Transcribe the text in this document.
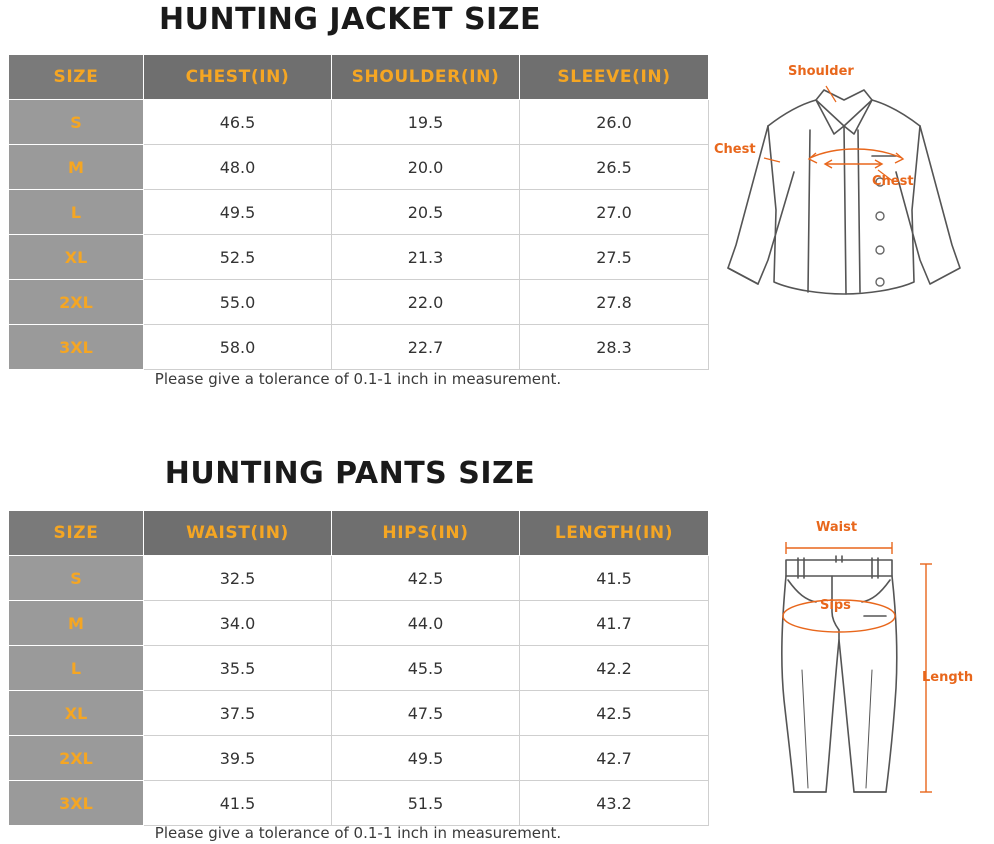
HUNTING JACKET SIZE
SIZE	CHEST(IN)	SHOULDER(IN)	SLEEVE(IN)
S	46.5	19.5	26.0
M	48.0	20.0	26.5
L	49.5	20.5	27.0
XL	52.5	21.3	27.5
2XL	55.0	22.0	27.8
3XL	58.0	22.7	28.3
Please give a tolerance of 0.1-1 inch in measurement.
Shoulder
Chest
Chest
HUNTING PANTS SIZE
SIZE	WAIST(IN)	HIPS(IN)	LENGTH(IN)
S	32.5	42.5	41.5
M	34.0	44.0	41.7
L	35.5	45.5	42.2
XL	37.5	47.5	42.5
2XL	39.5	49.5	42.7
3XL	41.5	51.5	43.2
Please give a tolerance of 0.1-1 inch in measurement.
Waist
Sips
Length
